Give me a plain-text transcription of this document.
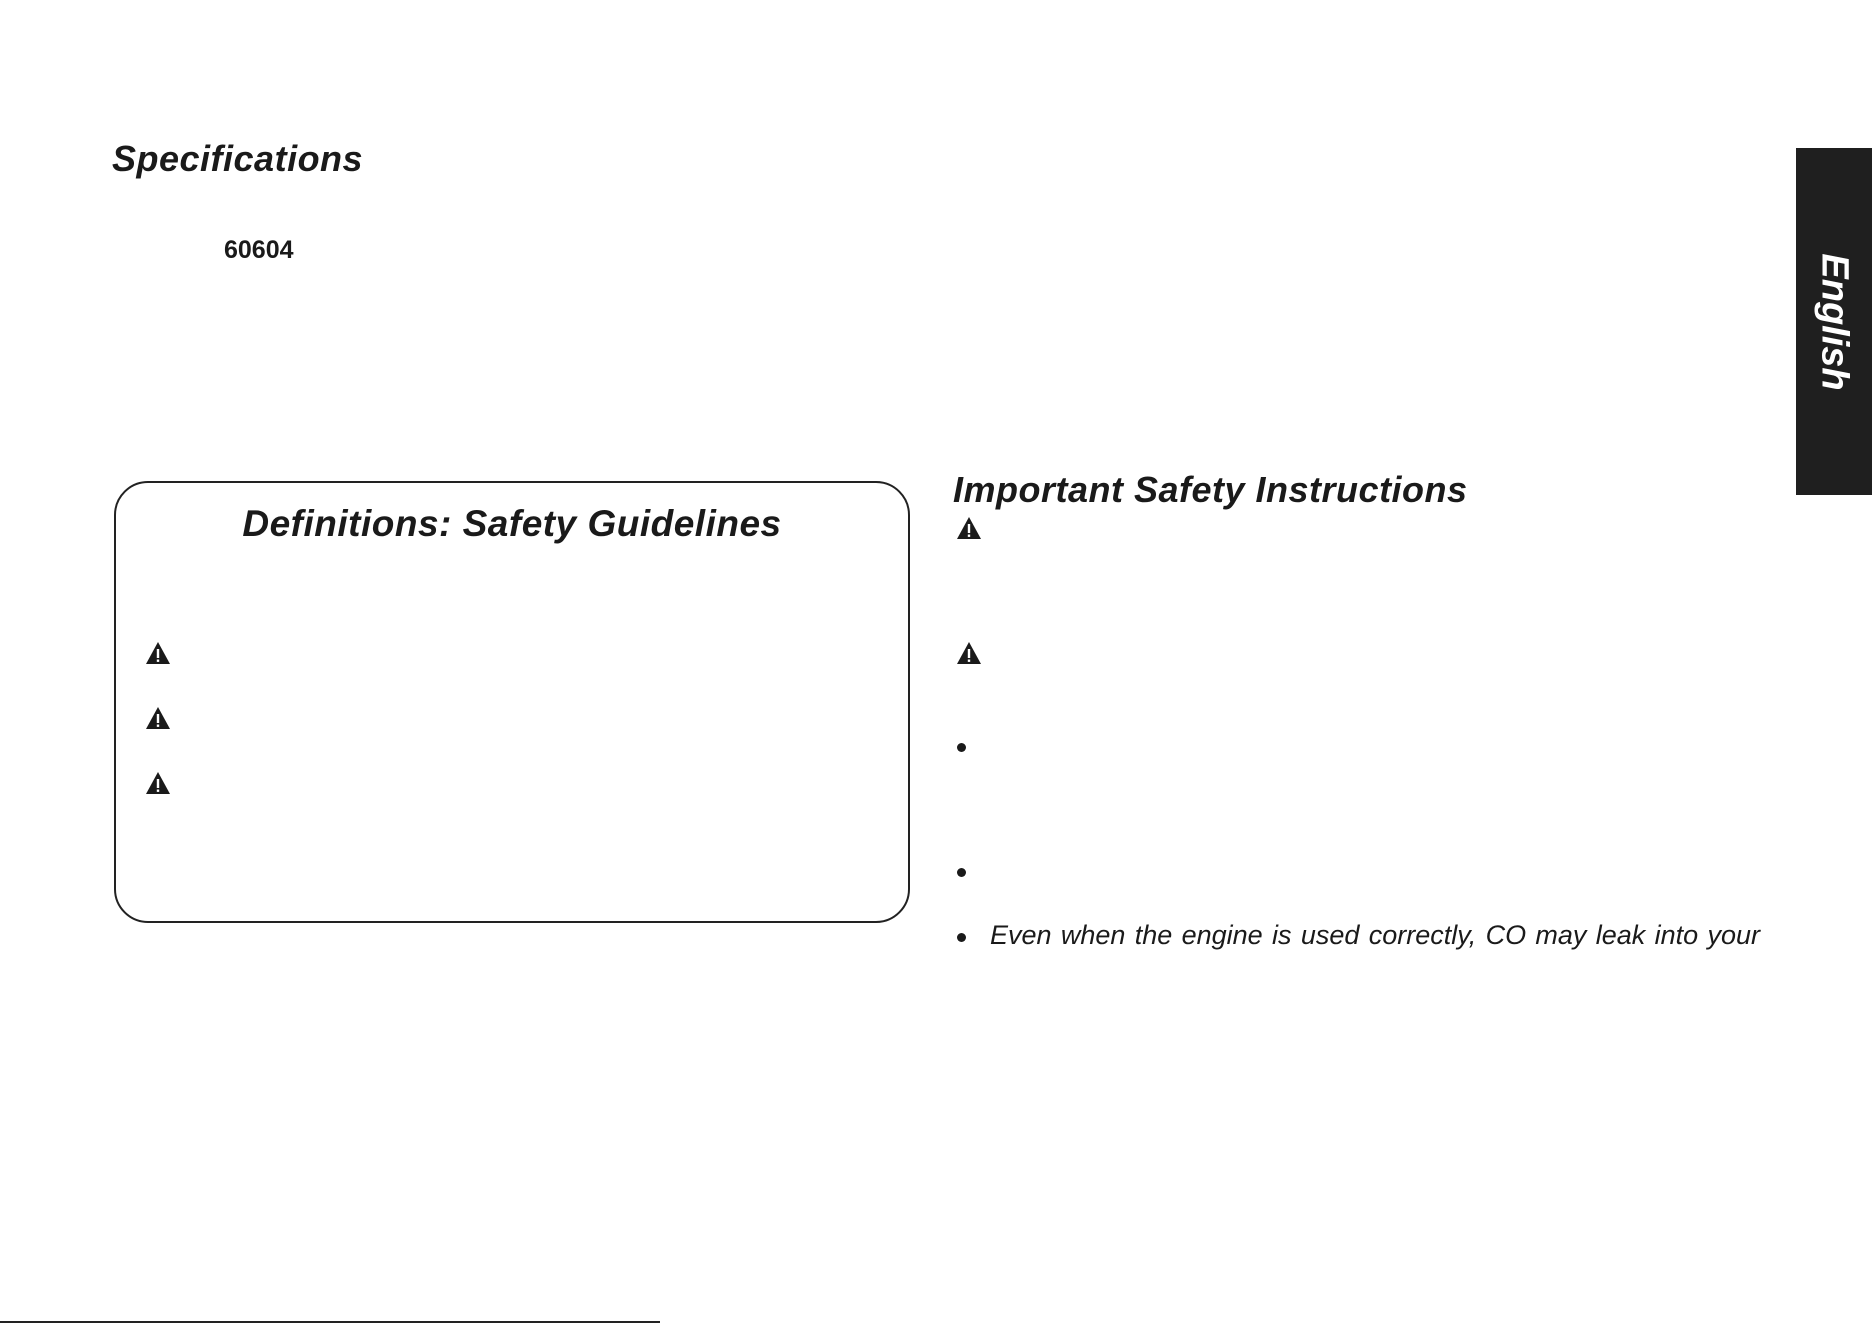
Specifications
60604
Definitions: Safety Guidelines
Important Safety Instructions
Even when the engine is used correctly, CO may leak into your
English
